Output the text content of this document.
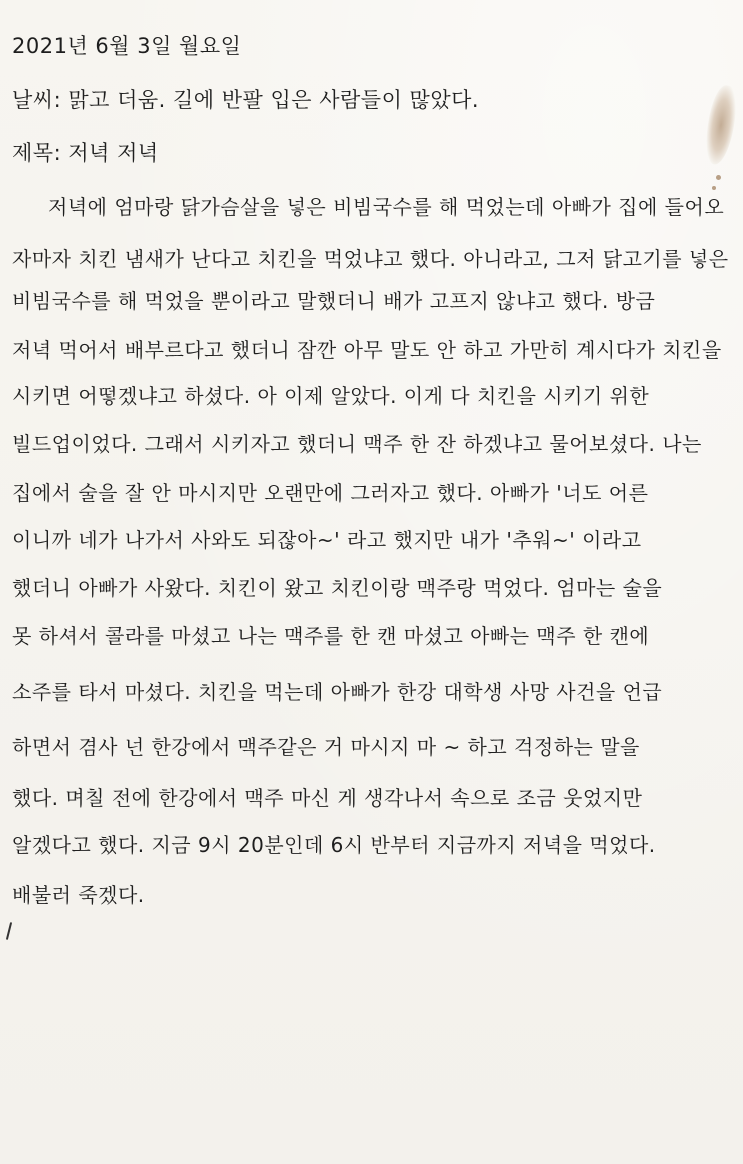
2021년 6월 3일 월요일
날씨: 맑고 더움. 길에 반팔 입은 사람들이 많았다.
제목: 저녁 저녁
저녁에 엄마랑 닭가슴살을 넣은 비빔국수를 해 먹었는데 아빠가 집에 들어오
자마자 치킨 냄새가 난다고 치킨을 먹었냐고 했다. 아니라고, 그저 닭고기를 넣은
비빔국수를 해 먹었을 뿐이라고 말했더니 배가 고프지 않냐고 했다. 방금
저녁 먹어서 배부르다고 했더니 잠깐 아무 말도 안 하고 가만히 계시다가 치킨을
시키면 어떻겠냐고 하셨다. 아 이제 알았다. 이게 다 치킨을 시키기 위한
빌드업이었다. 그래서 시키자고 했더니 맥주 한 잔 하겠냐고 물어보셨다. 나는
집에서 술을 잘 안 마시지만 오랜만에 그러자고 했다. 아빠가 '너도 어른
이니까 네가 나가서 사와도 되잖아~' 라고 했지만 내가 '추워~' 이라고
했더니 아빠가 사왔다. 치킨이 왔고 치킨이랑 맥주랑 먹었다. 엄마는 술을
못 하셔서 콜라를 마셨고 나는 맥주를 한 캔 마셨고 아빠는 맥주 한 캔에
소주를 타서 마셨다. 치킨을 먹는데 아빠가 한강 대학생 사망 사건을 언급
하면서 겸사 넌 한강에서 맥주같은 거 마시지 마 ~ 하고 걱정하는 말을
했다. 며칠 전에 한강에서 맥주 마신 게 생각나서 속으로 조금 웃었지만
알겠다고 했다. 지금 9시 20분인데 6시 반부터 지금까지 저녁을 먹었다.
배불러 죽겠다.
